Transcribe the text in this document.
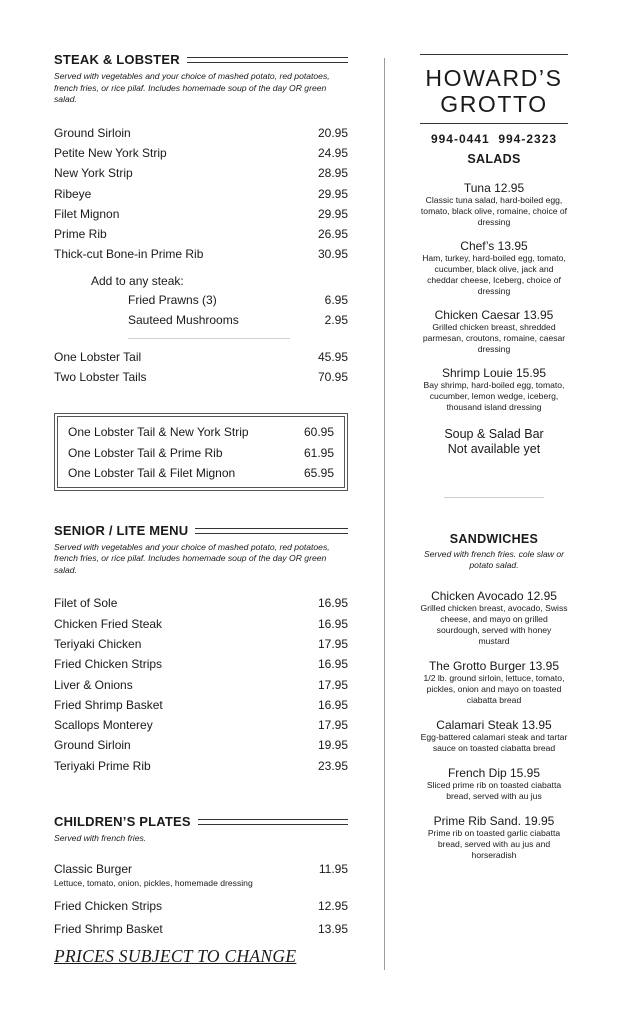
STEAK & LOBSTER
Served with vegetables and your choice of mashed potato, red potatoes, french fries, or rice pilaf. Includes homemade soup of the day OR green salad.
Ground Sirloin	20.95
Petite New York Strip	24.95
New York Strip	28.95
Ribeye	29.95
Filet Mignon	29.95
Prime Rib	26.95
Thick-cut Bone-in Prime Rib	30.95
Add to any steak:
Fried Prawns (3)	6.95
Sauteed Mushrooms	2.95
One Lobster Tail	45.95
Two Lobster Tails	70.95
One Lobster Tail & New York Strip	60.95
One Lobster Tail & Prime Rib	61.95
One Lobster Tail & Filet Mignon	65.95
SENIOR / LITE MENU
Served with vegetables and your choice of mashed potato, red potatoes, french fries, or rice pilaf. Includes homemade soup of the day OR green salad.
Filet of Sole	16.95
Chicken Fried Steak	16.95
Teriyaki Chicken	17.95
Fried Chicken Strips	16.95
Liver & Onions	17.95
Fried Shrimp Basket	16.95
Scallops Monterey	17.95
Ground Sirloin	19.95
Teriyaki Prime Rib	23.95
CHILDREN’S PLATES
Served with french fries.
Classic Burger	11.95
Lettuce, tomato, onion, pickles, homemade dressing
Fried Chicken Strips	12.95
Fried Shrimp Basket	13.95
PRICES SUBJECT TO CHANGE
HOWARD’S
GROTTO
994-0441 994-2323
SALADS
Tuna 12.95
Classic tuna salad, hard-boiled egg, tomato, black olive, romaine, choice of dressing
Chef’s 13.95
Ham, turkey, hard-boiled egg, tomato, cucumber, black olive, jack and cheddar cheese, Iceberg, choice of dressing
Chicken Caesar 13.95
Grilled chicken breast, shredded parmesan, croutons, romaine, caesar dressing
Shrimp Louie 15.95
Bay shrimp, hard-boiled egg, tomato, cucumber, lemon wedge, iceberg, thousand island dressing
Soup & Salad Bar
Not available yet
SANDWICHES
Served with french fries. cole slaw or potato salad.
Chicken Avocado 12.95
Grilled chicken breast, avocado, Swiss cheese, and mayo on grilled sourdough, served with honey mustard
The Grotto Burger 13.95
1/2 lb. ground sirloin, lettuce, tomato, pickles, onion and mayo on toasted ciabatta bread
Calamari Steak 13.95
Egg-battered calamari steak and tartar sauce on toasted ciabatta bread
French Dip 15.95
Sliced prime rib on toasted ciabatta bread, served with au jus
Prime Rib Sand. 19.95
Prime rib on toasted garlic ciabatta bread, served with au jus and horseradish
